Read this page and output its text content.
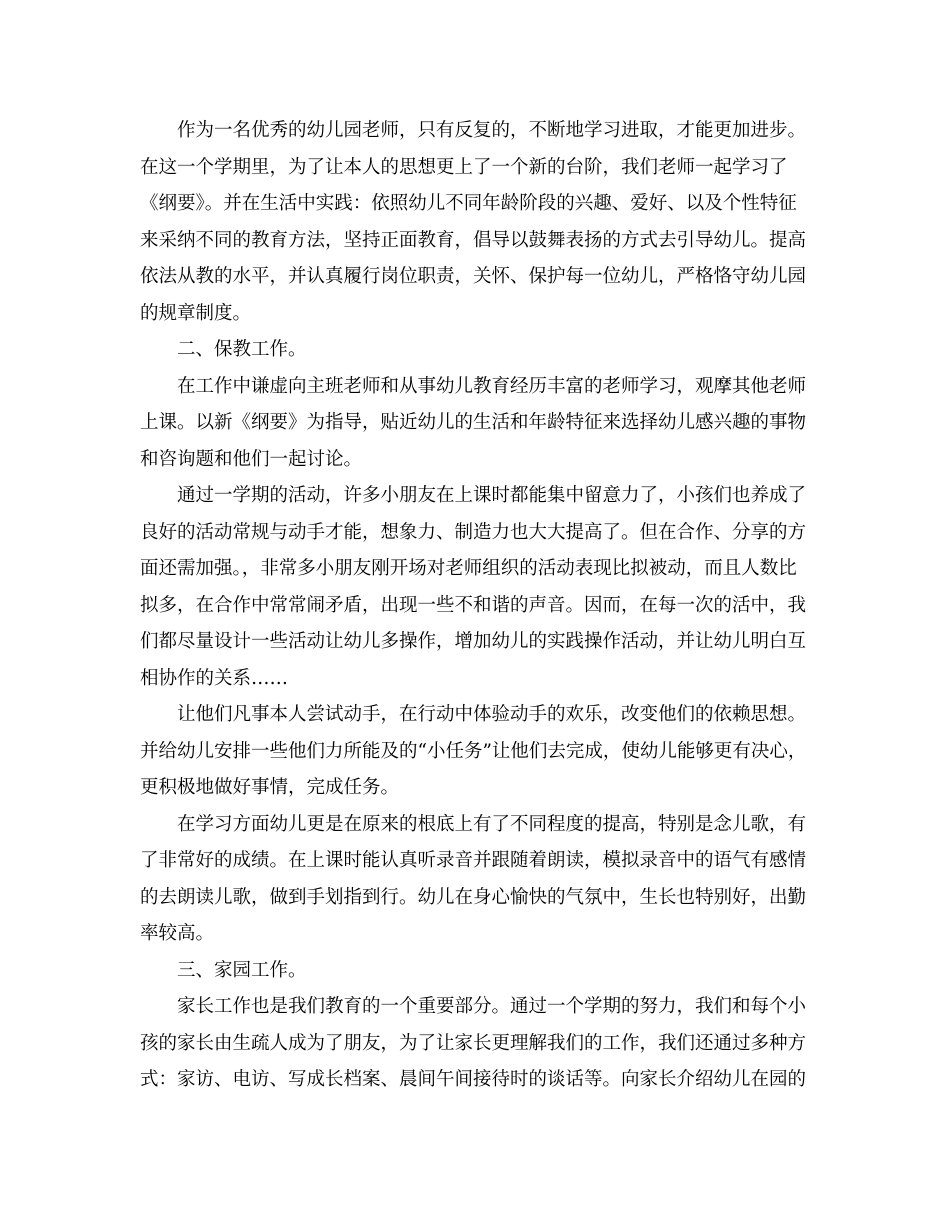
作为一名优秀的幼儿园老师，只有反复的，不断地学习进取，才能更加进步。
在这一个学期里，为了让本人的思想更上了一个新的台阶，我们老师一起学习了
《纲要》。并在生活中实践：依照幼儿不同年龄阶段的兴趣、爱好、以及个性特征
来采纳不同的教育方法，坚持正面教育，倡导以鼓舞表扬的方式去引导幼儿。提高
依法从教的水平，并认真履行岗位职责，关怀、保护每一位幼儿，严格恪守幼儿园
的规章制度。
二、保教工作。
在工作中谦虚向主班老师和从事幼儿教育经历丰富的老师学习，观摩其他老师
上课。以新《纲要》为指导，贴近幼儿的生活和年龄特征来选择幼儿感兴趣的事物
和咨询题和他们一起讨论。
通过一学期的活动，许多小朋友在上课时都能集中留意力了，小孩们也养成了
良好的活动常规与动手才能，想象力、制造力也大大提高了。但在合作、分享的方
面还需加强。，非常多小朋友刚开场对老师组织的活动表现比拟被动，而且人数比
拟多，在合作中常常闹矛盾，出现一些不和谐的声音。因而，在每一次的活中，我
们都尽量设计一些活动让幼儿多操作，增加幼儿的实践操作活动，并让幼儿明白互
相协作的关系……
让他们凡事本人尝试动手，在行动中体验动手的欢乐，改变他们的依赖思想。
并给幼儿安排一些他们力所能及的“小任务”让他们去完成，使幼儿能够更有决心，
更积极地做好事情，完成任务。
在学习方面幼儿更是在原来的根底上有了不同程度的提高，特别是念儿歌，有
了非常好的成绩。在上课时能认真听录音并跟随着朗读，模拟录音中的语气有感情
的去朗读儿歌，做到手划指到行。幼儿在身心愉快的气氛中，生长也特别好，出勤
率较高。
三、家园工作。
家长工作也是我们教育的一个重要部分。通过一个学期的努力，我们和每个小
孩的家长由生疏人成为了朋友，为了让家长更理解我们的工作，我们还通过多种方
式：家访、电访、写成长档案、晨间午间接待时的谈话等。向家长介绍幼儿在园的
